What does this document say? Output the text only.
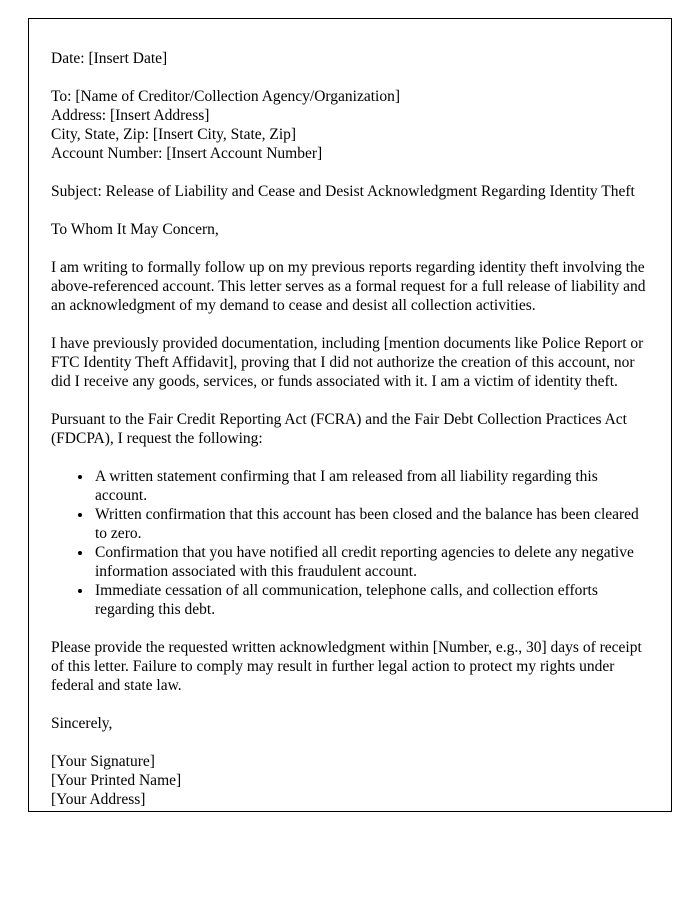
Date: [Insert Date]
To: [Name of Creditor/Collection Agency/Organization]
Address: [Insert Address]
City, State, Zip: [Insert City, State, Zip]
Account Number: [Insert Account Number]

Subject: Release of Liability and Cease and Desist Acknowledgment Regarding Identity Theft

To Whom It May Concern,

I am writing to formally follow up on my previous reports regarding identity theft involving the above-referenced account. This letter serves as a formal request for a full release of liability and an acknowledgment of my demand to cease and desist all collection activities.

I have previously provided documentation, including [mention documents like Police Report or FTC Identity Theft Affidavit], proving that I did not authorize the creation of this account, nor did I receive any goods, services, or funds associated with it. I am a victim of identity theft.

Pursuant to the Fair Credit Reporting Act (FCRA) and the Fair Debt Collection Practices Act (FDCPA), I request the following:

• A written statement confirming that I am released from all liability regarding this account.
• Written confirmation that this account has been closed and the balance has been cleared to zero.
• Confirmation that you have notified all credit reporting agencies to delete any negative information associated with this fraudulent account.
• Immediate cessation of all communication, telephone calls, and collection efforts regarding this debt.

Please provide the requested written acknowledgment within [Number, e.g., 30] days of receipt of this letter. Failure to comply may result in further legal action to protect my rights under federal and state law.

Sincerely,

[Your Signature]
[Your Printed Name]
[Your Address]
